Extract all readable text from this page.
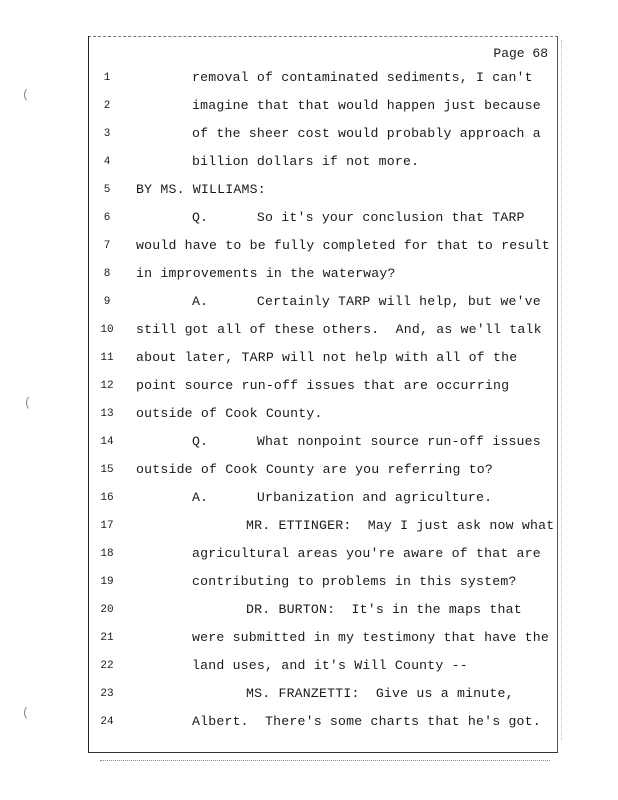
(
(
(
Page 68
1	removal of contaminated sediments, I can't
2	imagine that that would happen just because
3	of the sheer cost would probably approach a
4	billion dollars if not more.
5	BY MS. WILLIAMS:
6	Q.      So it's your conclusion that TARP
7	would have to be fully completed for that to result
8	in improvements in the waterway?
9	A.      Certainly TARP will help, but we've
10	still got all of these others.  And, as we'll talk
11	about later, TARP will not help with all of the
12	point source run-off issues that are occurring
13	outside of Cook County.
14	Q.      What nonpoint source run-off issues
15	outside of Cook County are you referring to?
16	A.      Urbanization and agriculture.
17	MR. ETTINGER:  May I just ask now what
18	agricultural areas you're aware of that are
19	contributing to problems in this system?
20	DR. BURTON:  It's in the maps that
21	were submitted in my testimony that have the
22	land uses, and it's Will County --
23	MS. FRANZETTI:  Give us a minute,
24	Albert.  There's some charts that he's got.
